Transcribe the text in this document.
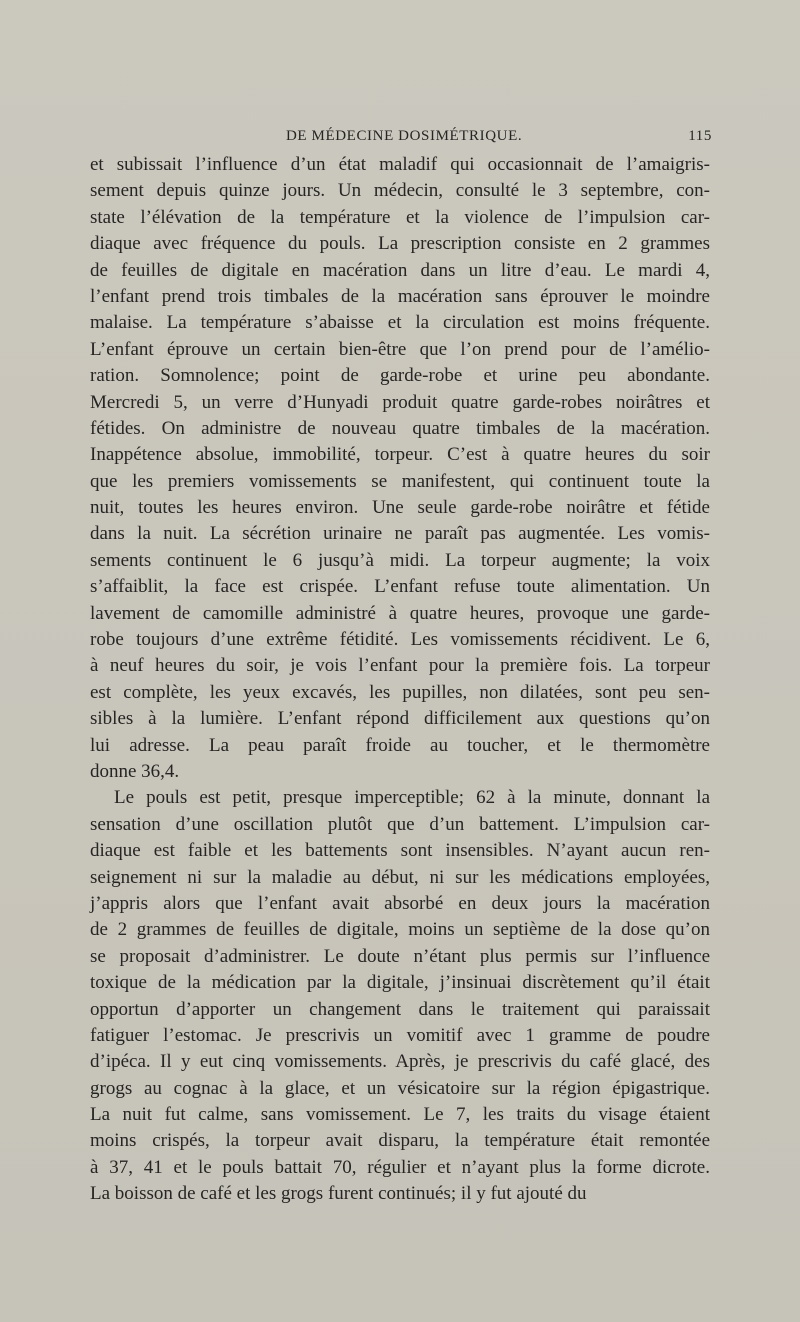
DE MÉDECINE DOSIMÉTRIQUE.	115
et subissait l’influence d’un état maladif qui occasionnait de l’amaigris-
sement depuis quinze jours. Un médecin, consulté le 3 septembre, con-
state l’élévation de la température et la violence de l’impulsion car-
diaque avec fréquence du pouls. La prescription consiste en 2 grammes
de feuilles de digitale en macération dans un litre d’eau. Le mardi 4,
l’enfant prend trois timbales de la macération sans éprouver le moindre
malaise. La température s’abaisse et la circulation est moins fréquente.
L’enfant éprouve un certain bien-être que l’on prend pour de l’amélio-
ration. Somnolence; point de garde-robe et urine peu abondante.
Mercredi 5, un verre d’Hunyadi produit quatre garde-robes noirâtres et
fétides. On administre de nouveau quatre timbales de la macération.
Inappétence absolue, immobilité, torpeur. C’est à quatre heures du soir
que les premiers vomissements se manifestent, qui continuent toute la
nuit, toutes les heures environ. Une seule garde-robe noirâtre et fétide
dans la nuit. La sécrétion urinaire ne paraît pas augmentée. Les vomis-
sements continuent le 6 jusqu’à midi. La torpeur augmente; la voix
s’affaiblit, la face est crispée. L’enfant refuse toute alimentation. Un
lavement de camomille administré à quatre heures, provoque une garde-
robe toujours d’une extrême fétidité. Les vomissements récidivent. Le 6,
à neuf heures du soir, je vois l’enfant pour la première fois. La torpeur
est complète, les yeux excavés, les pupilles, non dilatées, sont peu sen-
sibles à la lumière. L’enfant répond difficilement aux questions qu’on
lui adresse. La peau paraît froide au toucher, et le thermomètre
donne 36,4.
Le pouls est petit, presque imperceptible; 62 à la minute, donnant la
sensation d’une oscillation plutôt que d’un battement. L’impulsion car-
diaque est faible et les battements sont insensibles. N’ayant aucun ren-
seignement ni sur la maladie au début, ni sur les médications employées,
j’appris alors que l’enfant avait absorbé en deux jours la macération
de 2 grammes de feuilles de digitale, moins un septième de la dose qu’on
se proposait d’administrer. Le doute n’étant plus permis sur l’influence
toxique de la médication par la digitale, j’insinuai discrètement qu’il était
opportun d’apporter un changement dans le traitement qui paraissait
fatiguer l’estomac. Je prescrivis un vomitif avec 1 gramme de poudre
d’ipéca. Il y eut cinq vomissements. Après, je prescrivis du café glacé, des
grogs au cognac à la glace, et un vésicatoire sur la région épigastrique.
La nuit fut calme, sans vomissement. Le 7, les traits du visage étaient
moins crispés, la torpeur avait disparu, la température était remontée
à 37, 41 et le pouls battait 70, régulier et n’ayant plus la forme dicrote.
La boisson de café et les grogs furent continués; il y fut ajouté du
